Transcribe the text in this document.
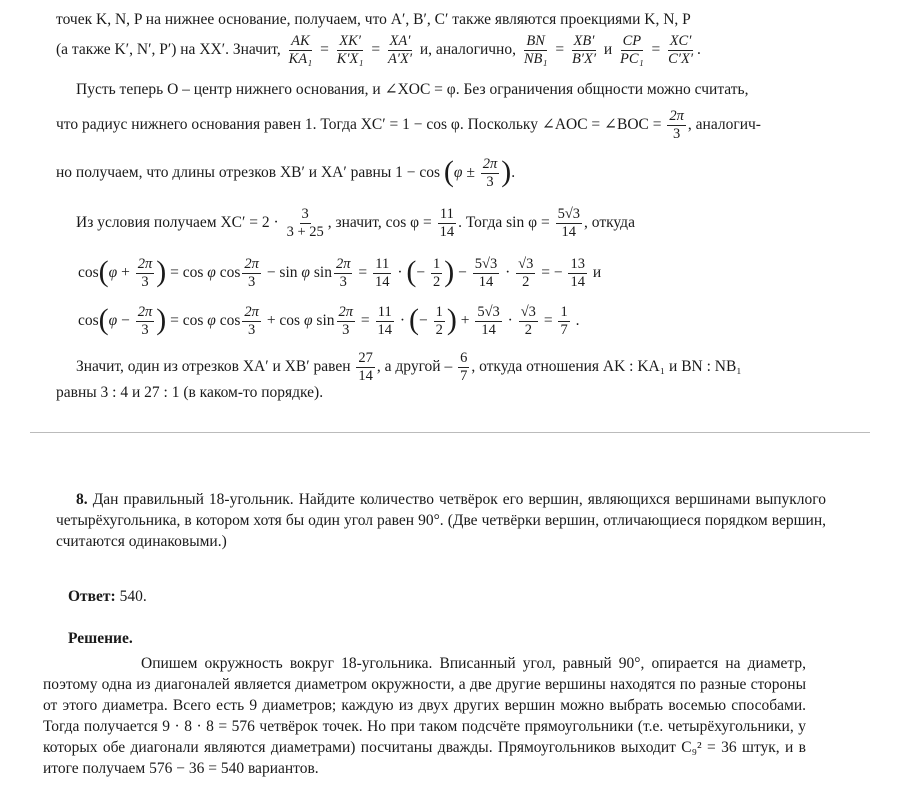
точек K, N, P на нижнее основание, получаем, что A′, B′, C′ также являются проекциями K, N, P
(а также K′, N′, P′) на XX′. Значит, $\frac{AK}{\text{KA₁}} = \frac{XK'}{\text{K′X₁}} = \frac{XA'}{A'X'} и$, аналогично, $\frac{BN}{\text{NB₁}} = \frac{XB'}{B'X'}$ и $\frac{CP}{\text{PC₁}} = \frac{XC'}{C'X'}$ .
Пусть теперь O – центр нижнего основания, и ∠XOC = φ. Без ограничения общности можно считать,
что радиус нижнего основания равен 1. Тогда XC′ = 1 − cos φ. Поскольку ∠AOC = ∠BOC = $\frac{2\pi}{3}$ , аналогич-
но получаем, что длины отрезков XB′ и XA′ равны $1 - \cos (\varphi \pm \frac{2\pi}{3}$ ).
Из условия получаем $XC' = 2 \cdot \frac{3}{3 + 25}$ , значит, $\cos \varphi = \frac{11}{14}$ . Тогда $\sin \varphi = \frac{5√3}{14}$ , откуда
$\cos(\varphi + \frac{2\pi}{3}$ ) = cos φ $\cos \frac{2\pi}{3} - \sin \varphi$ $\sin \frac{2\pi}{3} = \frac{11}{14}$ · (− $\frac{1}{2}$ ) − $\frac{5√3}{14} \cdot \frac{√3}{2}$ = − $\frac{13}{14}$ и
$\cos(\varphi - \frac{2\pi}{3}$ ) = cos φ $\cos \frac{2\pi}{3} + \cos \varphi$ $\sin \frac{2\pi}{3} = \frac{11}{14}$ · (− $\frac{1}{2}$ ) + $\frac{5√3}{14} \cdot \frac{√3}{2} = \frac{1}{7}$ .
Значит, один из отрезков XA′ и XB′ равен $\frac{27}{14}$ , а другой – $\frac{6}{7}$ , откуда отношения AK : KA₁ и BN : NB₁
равны 3 : 4 и 27 : 1 (в каком-то порядке).
8. Дан правильный 18-угольник. Найдите количество четвёрок его вершин, являющихся вершинами выпуклого четырёхугольника, в котором хотя бы один угол равен 90°. (Две четвёрки вершин, отличающиеся порядком вершин, считаются одинаковыми.)
Ответ: 540.
Решение.
Опишем окружность вокруг 18-угольника. Вписанный угол, равный 90°, опирается на диаметр, поэтому одна из диагоналей является диаметром окружности, а две другие вершины находятся по разные стороны от этого диаметра. Всего есть 9 диаметров; каждую из двух других вершин можно выбрать восемью способами. Тогда получается 9 · 8 · 8 = 576 четвёрок точек. Но при таком подсчёте прямоугольники (т.е. четырёхугольники, у которых обе диагонали являются диаметрами) посчитаны дважды. Прямоугольников выходит C₉² = 36 штук, и в итоге получаем 576 − 36 = 540 вариантов.
